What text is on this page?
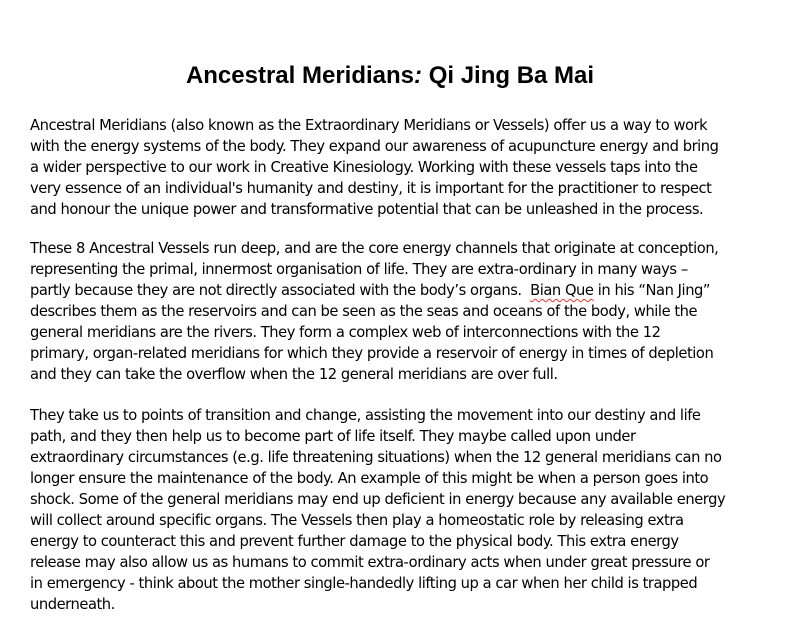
Ancestral Meridians: Qi Jing Ba Mai

Ancestral Meridians (also known as the Extraordinary Meridians or Vessels) offer us a way to work
with the energy systems of the body. They expand our awareness of acupuncture energy and bring
a wider perspective to our work in Creative Kinesiology. Working with these vessels taps into the
very essence of an individual's humanity and destiny, it is important for the practitioner to respect
and honour the unique power and transformative potential that can be unleashed in the process.

These 8 Ancestral Vessels run deep, and are the core energy channels that originate at conception,
representing the primal, innermost organisation of life. They are extra-ordinary in many ways –
partly because they are not directly associated with the body’s organs.  Bian Que in his “Nan Jing”
describes them as the reservoirs and can be seen as the seas and oceans of the body, while the
general meridians are the rivers. They form a complex web of interconnections with the 12
primary, organ-related meridians for which they provide a reservoir of energy in times of depletion
and they can take the overflow when the 12 general meridians are over full.

They take us to points of transition and change, assisting the movement into our destiny and life
path, and they then help us to become part of life itself. They maybe called upon under
extraordinary circumstances (e.g. life threatening situations) when the 12 general meridians can no
longer ensure the maintenance of the body. An example of this might be when a person goes into
shock. Some of the general meridians may end up deficient in energy because any available energy
will collect around specific organs. The Vessels then play a homeostatic role by releasing extra
energy to counteract this and prevent further damage to the physical body. This extra energy
release may also allow us as humans to commit extra-ordinary acts when under great pressure or
in emergency - think about the mother single-handedly lifting up a car when her child is trapped
underneath.
